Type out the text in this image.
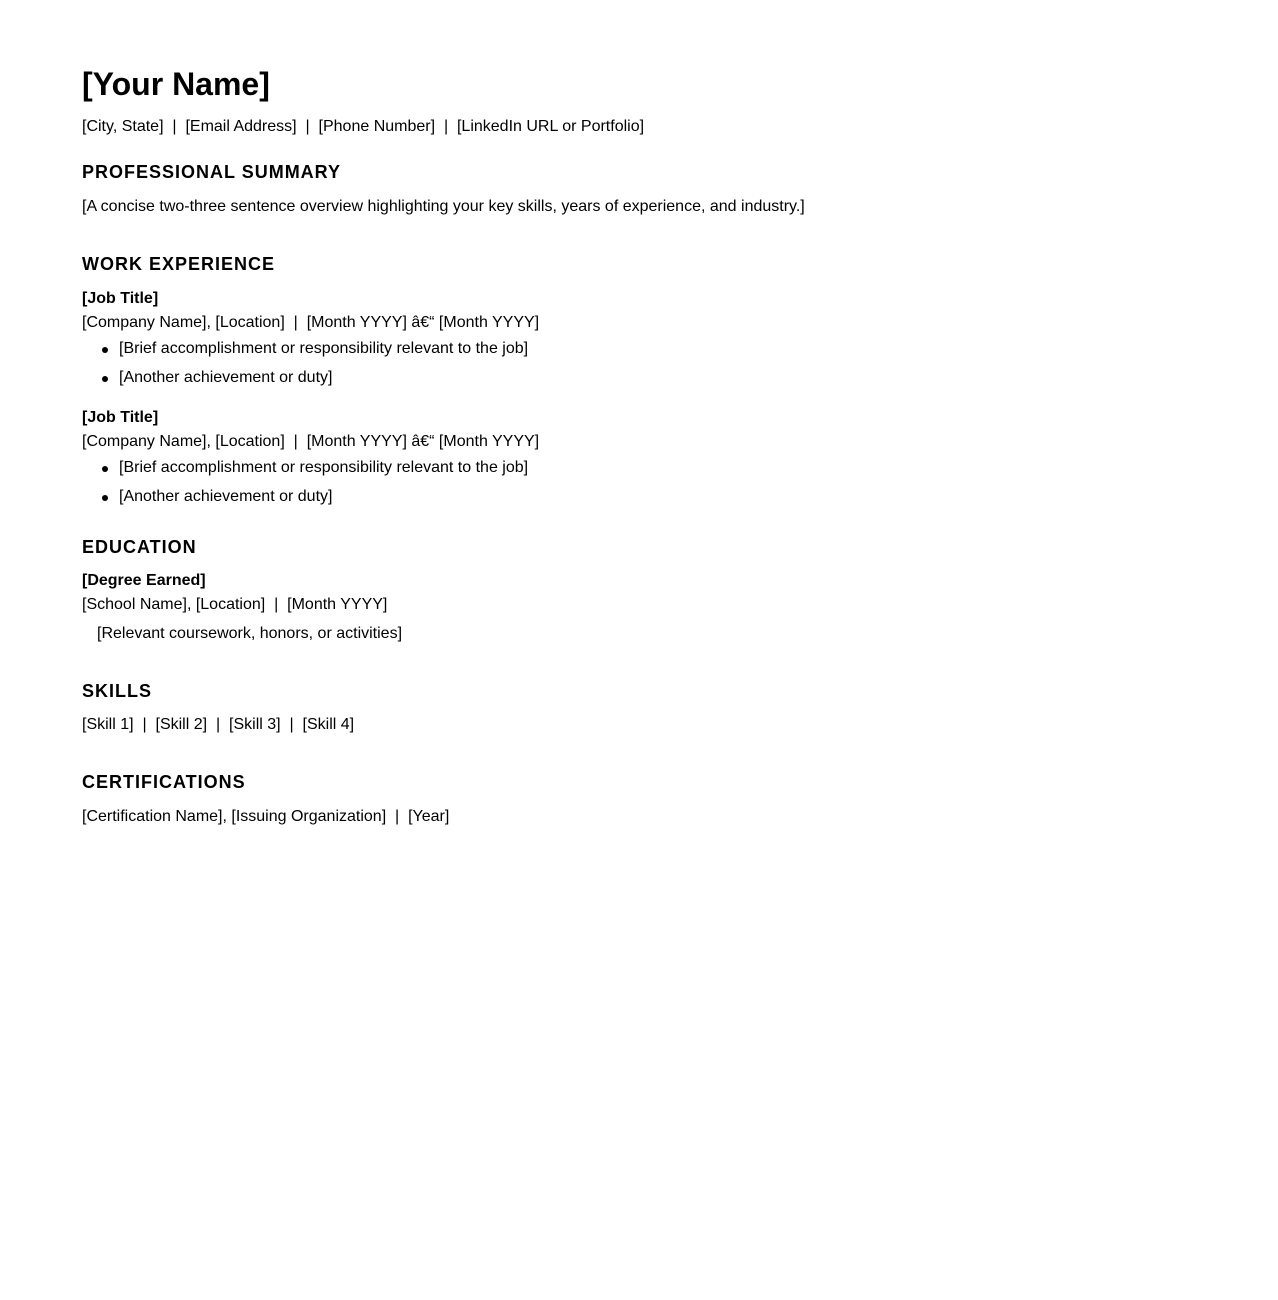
[Your Name]
[City, State]  |  [Email Address]  |  [Phone Number]  |  [LinkedIn URL or Portfolio]
PROFESSIONAL SUMMARY
[A concise two-three sentence overview highlighting your key skills, years of experience, and industry.]
WORK EXPERIENCE
[Job Title]
[Company Name], [Location]  |  [Month YYYY] â€“ [Month YYYY]
[Brief accomplishment or responsibility relevant to the job]
[Another achievement or duty]
[Job Title]
[Company Name], [Location]  |  [Month YYYY] â€“ [Month YYYY]
[Brief accomplishment or responsibility relevant to the job]
[Another achievement or duty]
EDUCATION
[Degree Earned]
[School Name], [Location]  |  [Month YYYY]
[Relevant coursework, honors, or activities]
SKILLS
[Skill 1]  |  [Skill 2]  |  [Skill 3]  |  [Skill 4]
CERTIFICATIONS
[Certification Name], [Issuing Organization]  |  [Year]
